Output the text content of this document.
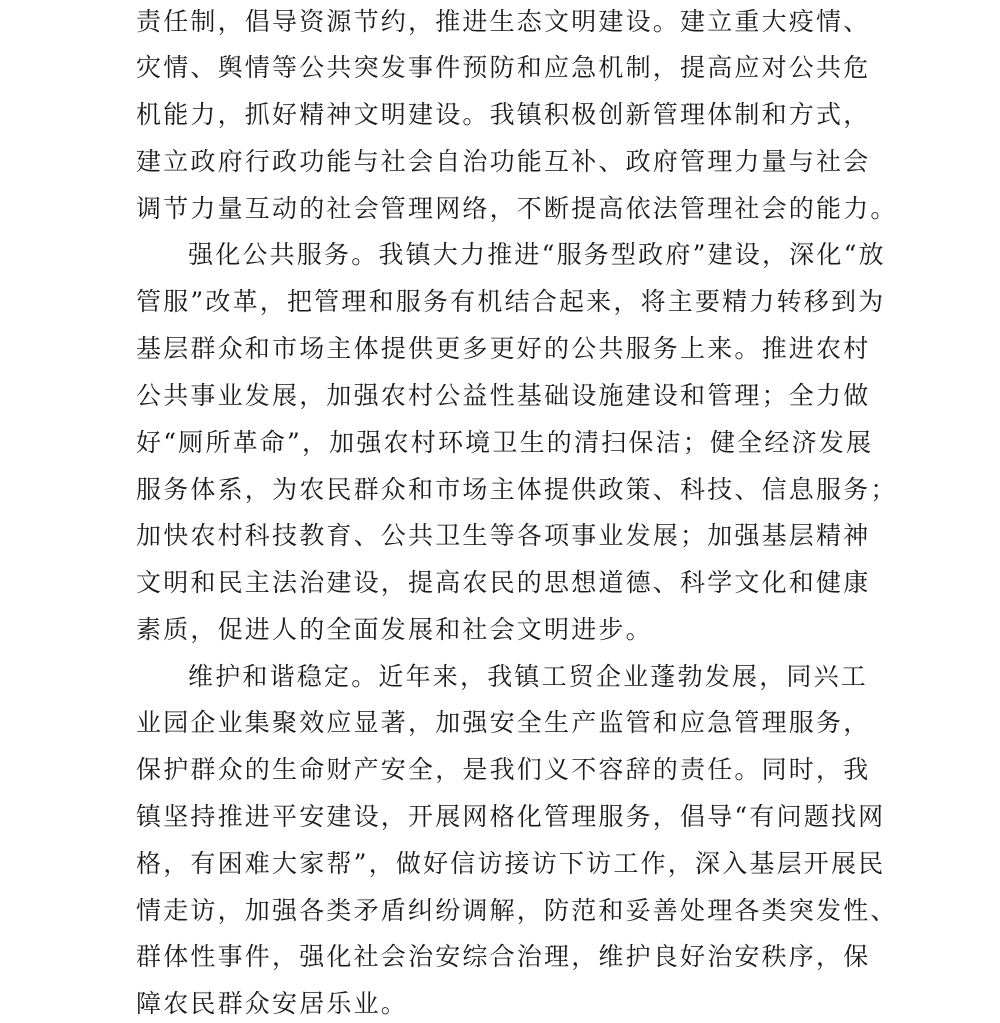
责任制，倡导资源节约，推进生态文明建设。建立重大疫情、
灾情、舆情等公共突发事件预防和应急机制，提高应对公共危
机能力，抓好精神文明建设。我镇积极创新管理体制和方式，
建立政府行政功能与社会自治功能互补、政府管理力量与社会
调节力量互动的社会管理网络，不断提高依法管理社会的能力。
强化公共服务。我镇大力推进“服务型政府”建设，深化“放
管服”改革，把管理和服务有机结合起来，将主要精力转移到为
基层群众和市场主体提供更多更好的公共服务上来。推进农村
公共事业发展，加强农村公益性基础设施建设和管理；全力做
好“厕所革命”，加强农村环境卫生的清扫保洁；健全经济发展
服务体系，为农民群众和市场主体提供政策、科技、信息服务；
加快农村科技教育、公共卫生等各项事业发展；加强基层精神
文明和民主法治建设，提高农民的思想道德、科学文化和健康
素质，促进人的全面发展和社会文明进步。
维护和谐稳定。近年来，我镇工贸企业蓬勃发展，同兴工
业园企业集聚效应显著，加强安全生产监管和应急管理服务，
保护群众的生命财产安全，是我们义不容辞的责任。同时，我
镇坚持推进平安建设，开展网格化管理服务，倡导“有问题找网
格，有困难大家帮”，做好信访接访下访工作，深入基层开展民
情走访，加强各类矛盾纠纷调解，防范和妥善处理各类突发性、
群体性事件，强化社会治安综合治理，维护良好治安秩序，保
障农民群众安居乐业。
